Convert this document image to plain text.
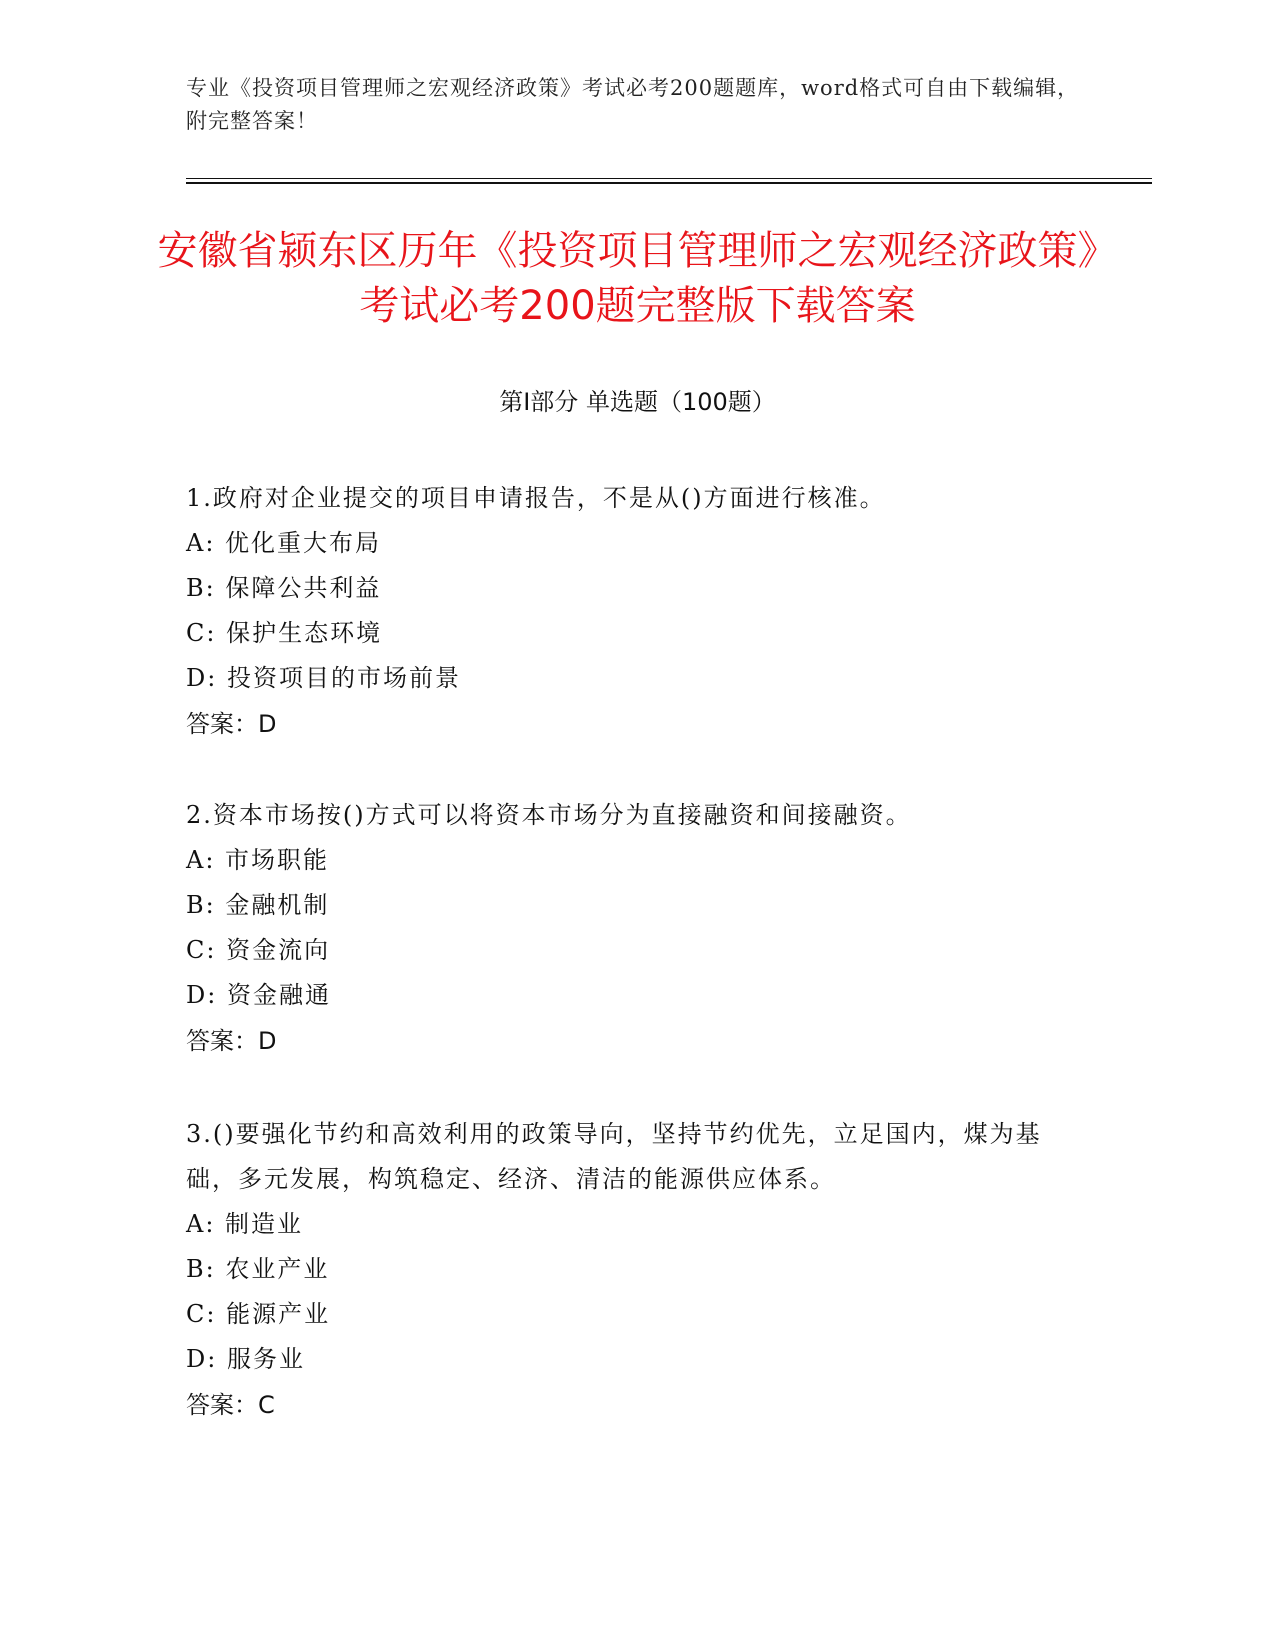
专业《投资项目管理师之宏观经济政策》考试必考200题题库，word格式可自由下载编辑，附完整答案！
安徽省颍东区历年《投资项目管理师之宏观经济政策》考试必考200题完整版下载答案
第Ⅰ部分 单选题（100题）

1.政府对企业提交的项目申请报告，不是从()方面进行核准。

A: 优化重大布局
B: 保障公共利益
C: 保护生态环境
D: 投资项目的市场前景
答案：D

2.资本市场按()方式可以将资本市场分为直接融资和间接融资。

A: 市场职能
B: 金融机制
C: 资金流向
D: 资金融通
答案：D

3.()要强化节约和高效利用的政策导向，坚持节约优先，立足国内，煤为基础，多元发展，构筑稳定、经济、清洁的能源供应体系。

A: 制造业
B: 农业产业
C: 能源产业
D: 服务业
答案：C
